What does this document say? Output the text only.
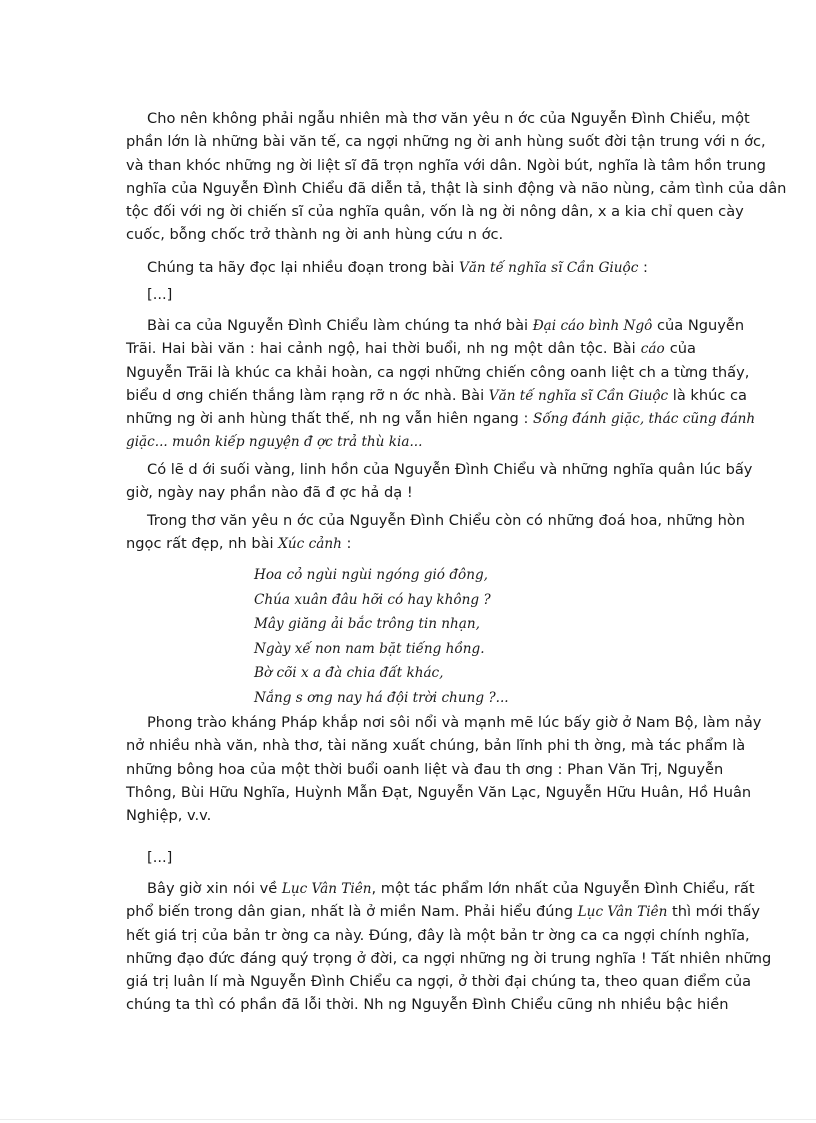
Cho nên không phải ngẫu nhiên mà thơ văn yêu n ớc của Nguyễn Đình Chiểu, một
phần lớn là những bài văn tế, ca ngợi những ng ời anh hùng suốt đời tận trung với n ớc,
và than khóc những ng ời liệt sĩ đã trọn nghĩa với dân. Ngòi bút, nghĩa là tâm hồn trung
nghĩa của Nguyễn Đình Chiểu đã diễn tả, thật là sinh động và não nùng, cảm tình của dân
tộc đối với ng ời chiến sĩ của nghĩa quân, vốn là ng ời nông dân, x a kia chỉ quen cày
cuốc, bỗng chốc trở thành ng ời anh hùng cứu n ớc.
Chúng ta hãy đọc lại nhiều đoạn trong bài Văn tế nghĩa sĩ Cần Giuộc :
[...]
Bài ca của Nguyễn Đình Chiểu làm chúng ta nhớ bài Đại cáo bình Ngô của Nguyễn
Trãi. Hai bài văn : hai cảnh ngộ, hai thời buổi, nh ng một dân tộc. Bài cáo của
Nguyễn Trãi là khúc ca khải hoàn, ca ngợi những chiến công oanh liệt ch a từng thấy,
biểu d ơng chiến thắng làm rạng rỡ n ớc nhà. Bài Văn tế nghĩa sĩ Cần Giuộc là khúc ca
những ng ời anh hùng thất thế, nh ng vẫn hiên ngang : Sống đánh giặc, thác cũng đánh
giặc... muôn kiếp nguyện đ ợc trả thù kia...
Có lẽ d ới suối vàng, linh hồn của Nguyễn Đình Chiểu và những nghĩa quân lúc bấy
giờ, ngày nay phần nào đã đ ợc hả dạ !
Trong thơ văn yêu n ớc của Nguyễn Đình Chiểu còn có những đoá hoa, những hòn
ngọc rất đẹp, nh bài Xúc cảnh :
Hoa cỏ ngùi ngùi ngóng gió đông,
Chúa xuân đâu hỡi có hay không ?
Mây giăng ải bắc trông tin nhạn,
Ngày xế non nam bặt tiếng hồng.
Bờ cõi x a đà chia đất khác,
Nắng s ơng nay há đội trời chung ?...
Phong trào kháng Pháp khắp nơi sôi nổi và mạnh mẽ lúc bấy giờ ở Nam Bộ, làm nảy
nở nhiều nhà văn, nhà thơ, tài năng xuất chúng, bản lĩnh phi th ờng, mà tác phẩm là
những bông hoa của một thời buổi oanh liệt và đau th ơng : Phan Văn Trị, Nguyễn
Thông, Bùi Hữu Nghĩa, Huỳnh Mẫn Đạt, Nguyễn Văn Lạc, Nguyễn Hữu Huân, Hồ Huân
Nghiệp, v.v.
[...]
Bây giờ xin nói về Lục Vân Tiên, một tác phẩm lớn nhất của Nguyễn Đình Chiểu, rất
phổ biến trong dân gian, nhất là ở miền Nam. Phải hiểu đúng Lục Vân Tiên thì mới thấy
hết giá trị của bản tr ờng ca này. Đúng, đây là một bản tr ờng ca ca ngợi chính nghĩa,
những đạo đức đáng quý trọng ở đời, ca ngợi những ng ời trung nghĩa ! Tất nhiên những
giá trị luân lí mà Nguyễn Đình Chiểu ca ngợi, ở thời đại chúng ta, theo quan điểm của
chúng ta thì có phần đã lỗi thời. Nh ng Nguyễn Đình Chiểu cũng nh nhiều bậc hiền
